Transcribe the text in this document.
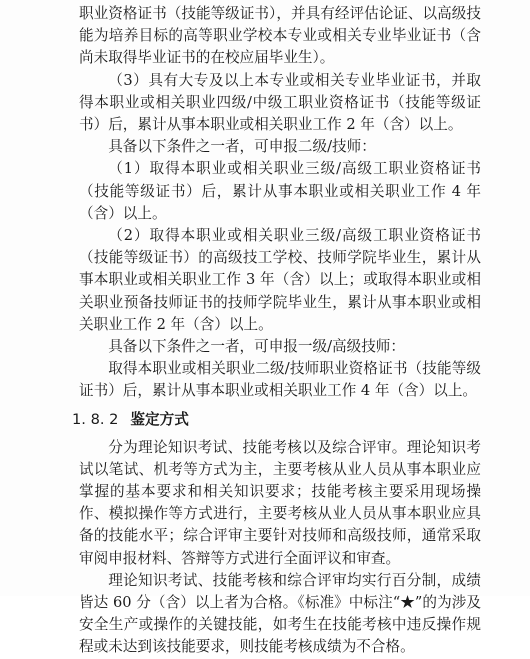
职业资格证书（技能等级证书），并具有经评估论证、以高级技能为培养目标的高等职业学校本专业或相关专业毕业证书（含尚未取得毕业证书的在校应届毕业生）。

（3）具有大专及以上本专业或相关专业毕业证书，并取得本职业或相关职业四级/中级工职业资格证书（技能等级证书）后，累计从事本职业或相关职业工作 2 年（含）以上。

具备以下条件之一者，可申报二级/技师：

（1）取得本职业或相关职业三级/高级工职业资格证书（技能等级证书）后，累计从事本职业或相关职业工作 4 年（含）以上。

（2）取得本职业或相关职业三级/高级工职业资格证书（技能等级证书）的高级技工学校、技师学院毕业生，累计从事本职业或相关职业工作 3 年（含）以上；或取得本职业或相关职业预备技师证书的技师学院毕业生，累计从事本职业或相关职业工作 2 年（含）以上。

具备以下条件之一者，可申报一级/高级技师：

取得本职业或相关职业二级/技师职业资格证书（技能等级证书）后，累计从事本职业或相关职业工作 4 年（含）以上。

1. 8. 2 鉴定方式

分为理论知识考试、技能考核以及综合评审。理论知识考试以笔试、机考等方式为主，主要考核从业人员从事本职业应掌握的基本要求和相关知识要求；技能考核主要采用现场操作、模拟操作等方式进行，主要考核从业人员从事本职业应具备的技能水平；综合评审主要针对技师和高级技师，通常采取审阅申报材料、答辩等方式进行全面评议和审查。

理论知识考试、技能考核和综合评审均实行百分制，成绩皆达 60 分（含）以上者为合格。《标准》中标注“★”的为涉及安全生产或操作的关键技能，如考生在技能考核中违反操作规程或未达到该技能要求，则技能考核成绩为不合格。
